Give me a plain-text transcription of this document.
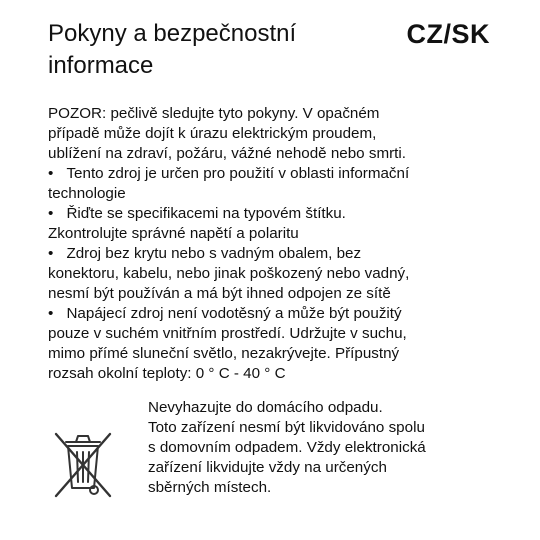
Pokyny a bezpečnostní
informace
CZ/SK

POZOR: pečlivě sledujte tyto pokyny. V opačném
případě může dojít k úrazu elektrickým proudem,
ublížení na zdraví, požáru, vážné nehodě nebo smrti.

• Tento zdroj je určen pro použití v oblasti informační
technologie

• Řiďte se specifikacemi na typovém štítku.
Zkontrolujte správné napětí a polaritu

• Zdroj bez krytu nebo s vadným obalem, bez
konektoru, kabelu, nebo jinak poškozený nebo vadný,
nesmí být používán a má být ihned odpojen ze sítě

• Napájecí zdroj není vodotěsný a může být použitý
pouze v suchém vnitřním prostředí. Udržujte v suchu,
mimo přímé sluneční světlo, nezakrývejte. Přípustný
rozsah okolní teploty: 0 ° C - 40 ° C

Nevyhazujte do domácího odpadu.
Toto zařízení nesmí být likvidováno spolu
s domovním odpadem. Vždy elektronická
zařízení likvidujte vždy na určených
sběrných místech.
